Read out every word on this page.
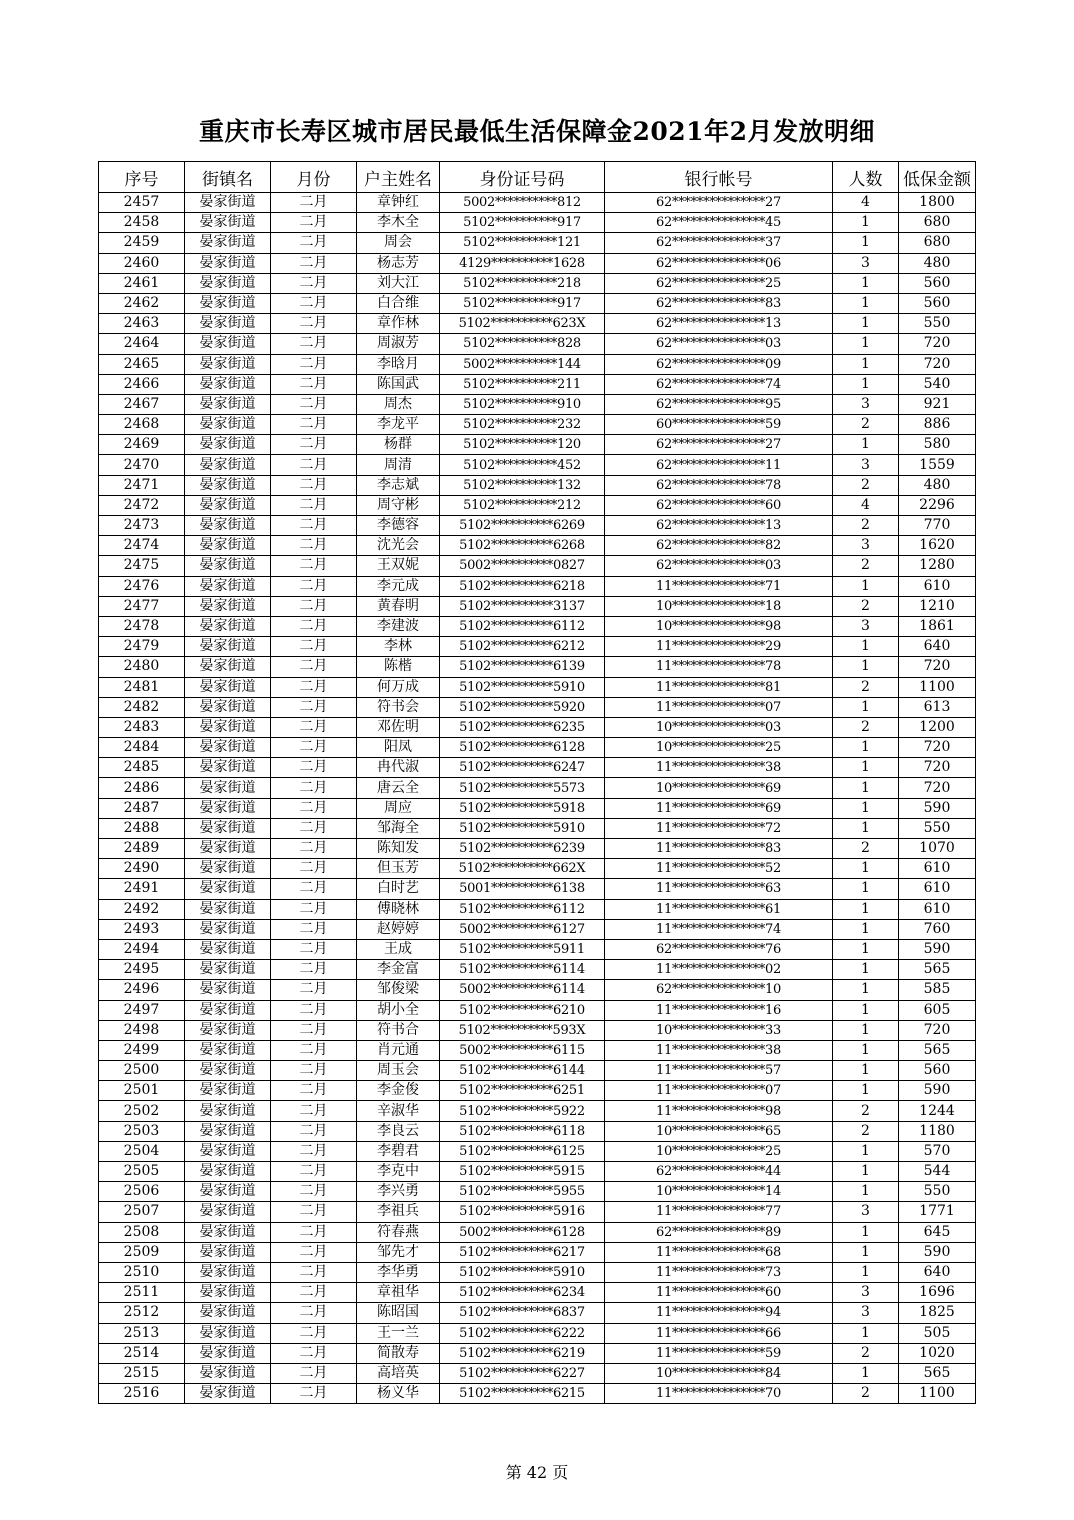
重庆市长寿区城市居民最低生活保障金2021年2月发放明细
序号	街镇名	月份	户主姓名	身份证号码	银行帐号	人数	低保金额
2457	晏家街道	二月	章钟红	5002**********812	62***************27	4	1800
2458	晏家街道	二月	李木全	5102**********917	62***************45	1	680
2459	晏家街道	二月	周会	5102**********121	62***************37	1	680
2460	晏家街道	二月	杨志芳	4129**********1628	62***************06	3	480
2461	晏家街道	二月	刘大江	5102**********218	62***************25	1	560
2462	晏家街道	二月	白合维	5102**********917	62***************83	1	560
2463	晏家街道	二月	章作林	5102**********623X	62***************13	1	550
2464	晏家街道	二月	周淑芳	5102**********828	62***************03	1	720
2465	晏家街道	二月	李晗月	5002**********144	62***************09	1	720
2466	晏家街道	二月	陈国武	5102**********211	62***************74	1	540
2467	晏家街道	二月	周杰	5102**********910	62***************95	3	921
2468	晏家街道	二月	李龙平	5102**********232	60***************59	2	886
2469	晏家街道	二月	杨群	5102**********120	62***************27	1	580
2470	晏家街道	二月	周清	5102**********452	62***************11	3	1559
2471	晏家街道	二月	李志斌	5102**********132	62***************78	2	480
2472	晏家街道	二月	周守彬	5102**********212	62***************60	4	2296
2473	晏家街道	二月	李德容	5102**********6269	62***************13	2	770
2474	晏家街道	二月	沈光会	5102**********6268	62***************82	3	1620
2475	晏家街道	二月	王双妮	5002**********0827	62***************03	2	1280
2476	晏家街道	二月	李元成	5102**********6218	11***************71	1	610
2477	晏家街道	二月	黄春明	5102**********3137	10***************18	2	1210
2478	晏家街道	二月	李建波	5102**********6112	10***************98	3	1861
2479	晏家街道	二月	李林	5102**********6212	11***************29	1	640
2480	晏家街道	二月	陈楷	5102**********6139	11***************78	1	720
2481	晏家街道	二月	何万成	5102**********5910	11***************81	2	1100
2482	晏家街道	二月	符书会	5102**********5920	11***************07	1	613
2483	晏家街道	二月	邓佐明	5102**********6235	10***************03	2	1200
2484	晏家街道	二月	阳凤	5102**********6128	10***************25	1	720
2485	晏家街道	二月	冉代淑	5102**********6247	11***************38	1	720
2486	晏家街道	二月	唐云全	5102**********5573	10***************69	1	720
2487	晏家街道	二月	周应	5102**********5918	11***************69	1	590
2488	晏家街道	二月	邹海全	5102**********5910	11***************72	1	550
2489	晏家街道	二月	陈知发	5102**********6239	11***************83	2	1070
2490	晏家街道	二月	但玉芳	5102**********662X	11***************52	1	610
2491	晏家街道	二月	白时艺	5001**********6138	11***************63	1	610
2492	晏家街道	二月	傅晓林	5102**********6112	11***************61	1	610
2493	晏家街道	二月	赵婷婷	5002**********6127	11***************74	1	760
2494	晏家街道	二月	王成	5102**********5911	62***************76	1	590
2495	晏家街道	二月	李金富	5102**********6114	11***************02	1	565
2496	晏家街道	二月	邹俊梁	5002**********6114	62***************10	1	585
2497	晏家街道	二月	胡小全	5102**********6210	11***************16	1	605
2498	晏家街道	二月	符书合	5102**********593X	10***************33	1	720
2499	晏家街道	二月	肖元通	5002**********6115	11***************38	1	565
2500	晏家街道	二月	周玉会	5102**********6144	11***************57	1	560
2501	晏家街道	二月	李金俊	5102**********6251	11***************07	1	590
2502	晏家街道	二月	辛淑华	5102**********5922	11***************98	2	1244
2503	晏家街道	二月	李良云	5102**********6118	10***************65	2	1180
2504	晏家街道	二月	李碧君	5102**********6125	10***************25	1	570
2505	晏家街道	二月	李克中	5102**********5915	62***************44	1	544
2506	晏家街道	二月	李兴勇	5102**********5955	10***************14	1	550
2507	晏家街道	二月	李祖兵	5102**********5916	11***************77	3	1771
2508	晏家街道	二月	符春燕	5002**********6128	62***************89	1	645
2509	晏家街道	二月	邹先才	5102**********6217	11***************68	1	590
2510	晏家街道	二月	李华勇	5102**********5910	11***************73	1	640
2511	晏家街道	二月	章祖华	5102**********6234	11***************60	3	1696
2512	晏家街道	二月	陈昭国	5102**********6837	11***************94	3	1825
2513	晏家街道	二月	王一兰	5102**********6222	11***************66	1	505
2514	晏家街道	二月	简散寿	5102**********6219	11***************59	2	1020
2515	晏家街道	二月	高培英	5102**********6227	10***************84	1	565
2516	晏家街道	二月	杨义华	5102**********6215	11***************70	2	1100
第 42 页
